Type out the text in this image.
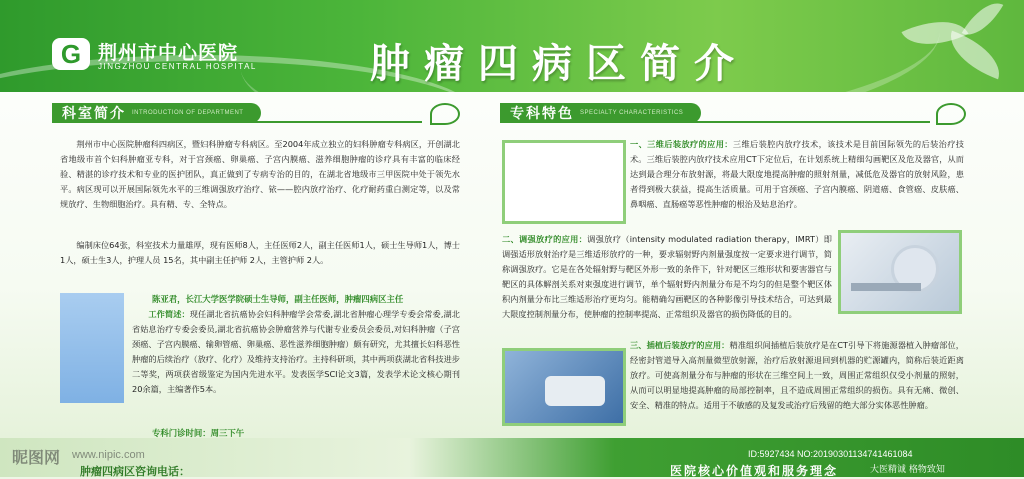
G 荆州市中心医院
JINGZHOU CENTRAL HOSPITAL	肿瘤四病区简介
科室简介 INTRODUCTION OF DEPARTMENT
荆州市中心医院肿瘤科四病区，暨妇科肿瘤专科病区。至2004年成立独立的妇科肿瘤专科病区，开创湖北省地级市首个妇科肿瘤亚专科，对于宫颈癌、卵巢癌、子宫内膜癌、滋养细胞肿瘤的诊疗具有丰富的临床经验、精湛的诊疗技术和专业的医护团队，真正做到了专病专治的目的，在湖北省地级市三甲医院中处于领先水平。病区现可以开展国际领先水平的三维调强放疗治疗、铱——腔内放疗治疗、化疗耐药重白测定等，以及常规放疗、生物细胞治疗。具有精、专、全特点。
编制床位64张，科室技术力量雄厚，现有医师8人，主任医师2人，副主任医师1人，硕士生导师1人，博士1人，硕士生3人，护理人员 15名，其中副主任护师 2人，主管护师 2人。
陈亚君，长江大学医学院硕士生导师，副主任医师，肿瘤四病区主任
工作简述：现任湖北省抗癌协会妇科肿瘤学会常委,湖北省肿瘤心理学专委会常委,湖北省姑息治疗专委会委员,湖北省抗癌协会肿瘤营养与代谢专业委员会委员,对妇科肿瘤（子宫颈癌、子宫内膜癌、输卵管癌、卵巢癌、恶性滋养细胞肿瘤）颇有研究，尤其擅长妇科恶性肿瘤的后续治疗（放疗、化疗）及维持支持治疗。主持科研项，其中两项获湖北省科技进步二等奖，两项获省级鉴定为国内先进水平。发表医学SCI论文3篇，发表学术论文核心期刊20余篇，主编著作5本。
专科门诊时间：周三下午
专科特色 SPECIALTY CHARACTERISTICS
一、三维后装放疗的应用：三维后装腔内放疗技术，该技术是目前国际领先的后装治疗技术。三维后装腔内放疗技术应用CT下定位后，在计划系统上精细勾画靶区及危及器官，从而达到最合理分布放射源，将最大限度地提高肿瘤的照射剂量，减低危及器官的放射风险，患者得到极大获益，提高生活质量。可用于宫颈癌、子宫内膜癌、阴道癌、食管癌、皮肤癌、鼻咽癌、直肠癌等恶性肿瘤的根治及姑息治疗。
二、调强放疗的应用：调强放疗（intensity modulated radiation therapy，IMRT）即调强适形放射治疗是三维适形放疗的一种，要求辐射野内剂量强度按一定要求进行调节，简称调强放疗。它是在各处辐射野与靶区外形一致的条件下，针对靶区三维形状和要害器官与靶区的具体解剖关系对束强度进行调节，单个辐射野内剂量分布是不均匀的但是整个靶区体积内剂量分布比三维适形治疗更均匀。能精确勾画靶区的各种影像引导技术结合，可达到最大限度控制剂量分布，使肿瘤的控制率提高、正常组织及器官的损伤降低的目的。
三、插植后装放疗的应用：精准组织间插植后装放疗是在CT引导下将施源器植入肿瘤部位，经密封管道导入高剂量微型放射源，治疗后放射源退回到机器的贮源罐内，简称后装近距离放疗。可使高剂量分布与肿瘤的形状在三维空间上一致，周围正常组织仅受小剂量的照射，从而可以明显地提高肿瘤的局部控制率，且不造成周围正常组织的损伤。具有无痛、微创、安全、精准的特点。适用于不敏感的及复发或治疗后残留的绝大部分实体恶性肿瘤。
肿瘤四病区咨询电话：	医院核心价值观和服务理念	大医精诚 格物致知
昵图网 www.nipic.com	ID:5927434 NO:20190301134741461084
